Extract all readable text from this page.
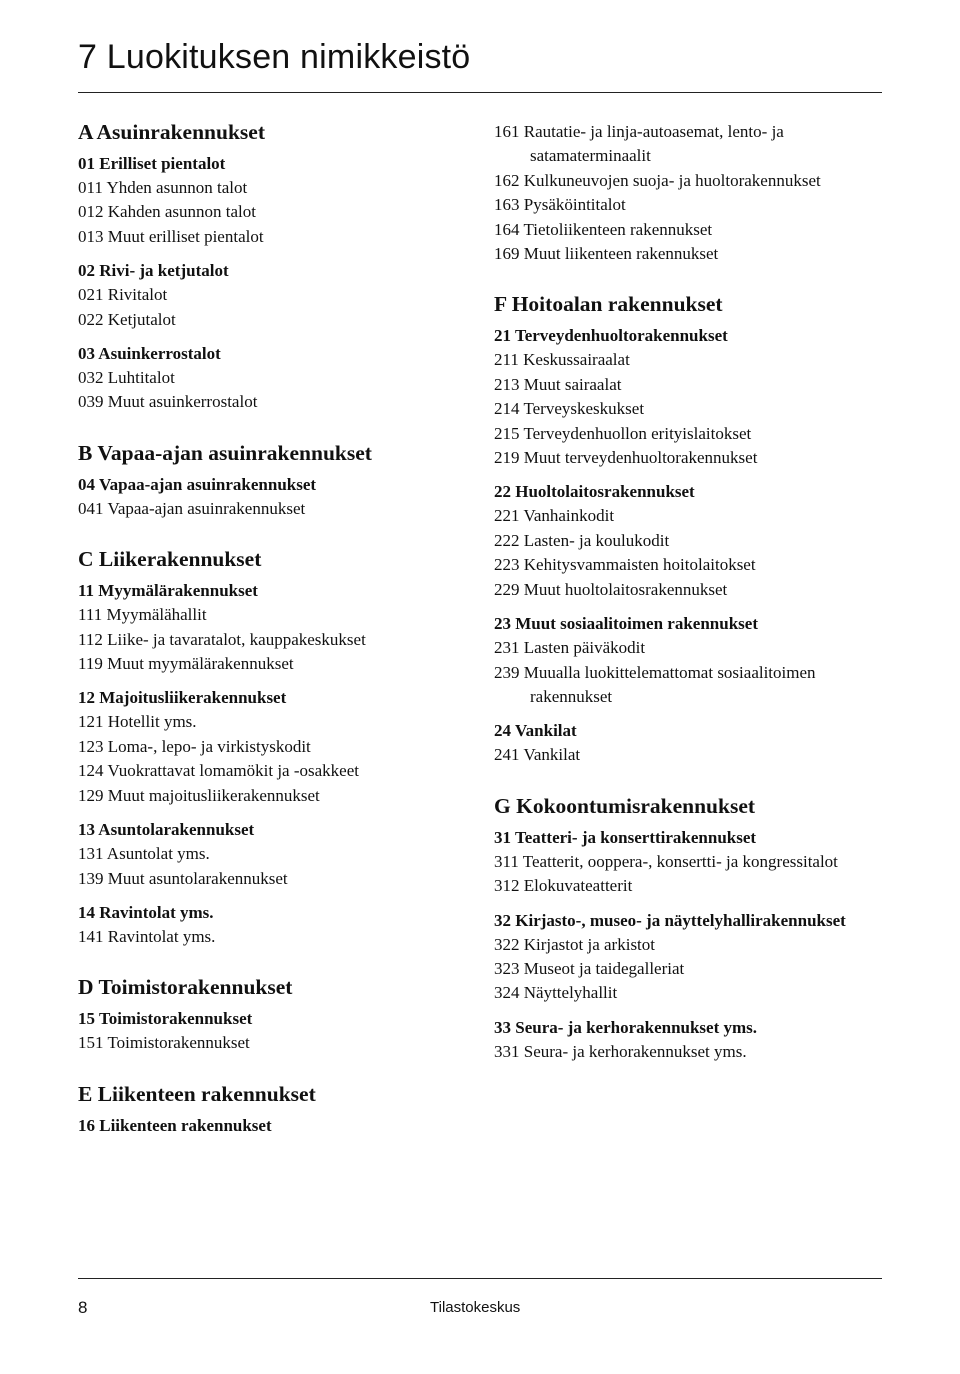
7 Luokituksen nimikkeistö
A Asuinrakennukset
01 Erilliset pientalot
011 Yhden asunnon talot
012 Kahden asunnon talot
013 Muut erilliset pientalot
02 Rivi- ja ketjutalot
021 Rivitalot
022 Ketjutalot
03 Asuinkerrostalot
032 Luhtitalot
039 Muut asuinkerrostalot
B Vapaa-ajan asuinrakennukset
04 Vapaa-ajan asuinrakennukset
041 Vapaa-ajan asuinrakennukset
C Liikerakennukset
11 Myymälärakennukset
111 Myymälähallit
112 Liike- ja tavaratalot, kauppakeskukset
119 Muut myymälärakennukset
12 Majoitusliikerakennukset
121 Hotellit yms.
123 Loma-, lepo- ja virkistyskodit
124 Vuokrattavat lomamökit ja -osakkeet
129 Muut majoitusliikerakennukset
13 Asuntolarakennukset
131 Asuntolat yms.
139 Muut asuntolarakennukset
14 Ravintolat yms.
141 Ravintolat yms.
D Toimistorakennukset
15 Toimistorakennukset
151 Toimistorakennukset
E Liikenteen rakennukset
16 Liikenteen rakennukset
161 Rautatie- ja linja-autoasemat, lento- ja satamaterminaalit
162 Kulkuneuvojen suoja- ja huoltorakennukset
163 Pysäköintitalot
164 Tietoliikenteen rakennukset
169 Muut liikenteen rakennukset
F Hoitoalan rakennukset
21 Terveydenhuoltorakennukset
211 Keskussairaalat
213 Muut sairaalat
214 Terveyskeskukset
215 Terveydenhuollon erityislaitokset
219 Muut terveydenhuoltorakennukset
22 Huoltolaitosrakennukset
221 Vanhainkodit
222 Lasten- ja koulukodit
223 Kehitysvammaisten hoitolaitokset
229 Muut huoltolaitosrakennukset
23 Muut sosiaalitoimen rakennukset
231 Lasten päiväkodit
239 Muualla luokittelemattomat sosiaalitoimen rakennukset
24 Vankilat
241 Vankilat
G Kokoontumisrakennukset
31 Teatteri- ja konserttirakennukset
311 Teatterit, ooppera-, konsertti- ja kongressitalot
312 Elokuvateatterit
32 Kirjasto-, museo- ja näyttelyhallirakennukset
322 Kirjastot ja arkistot
323 Museot ja taidegalleriat
324 Näyttelyhallit
33 Seura- ja kerhorakennukset yms.
331 Seura- ja kerhorakennukset yms.
8	Tilastokeskus
